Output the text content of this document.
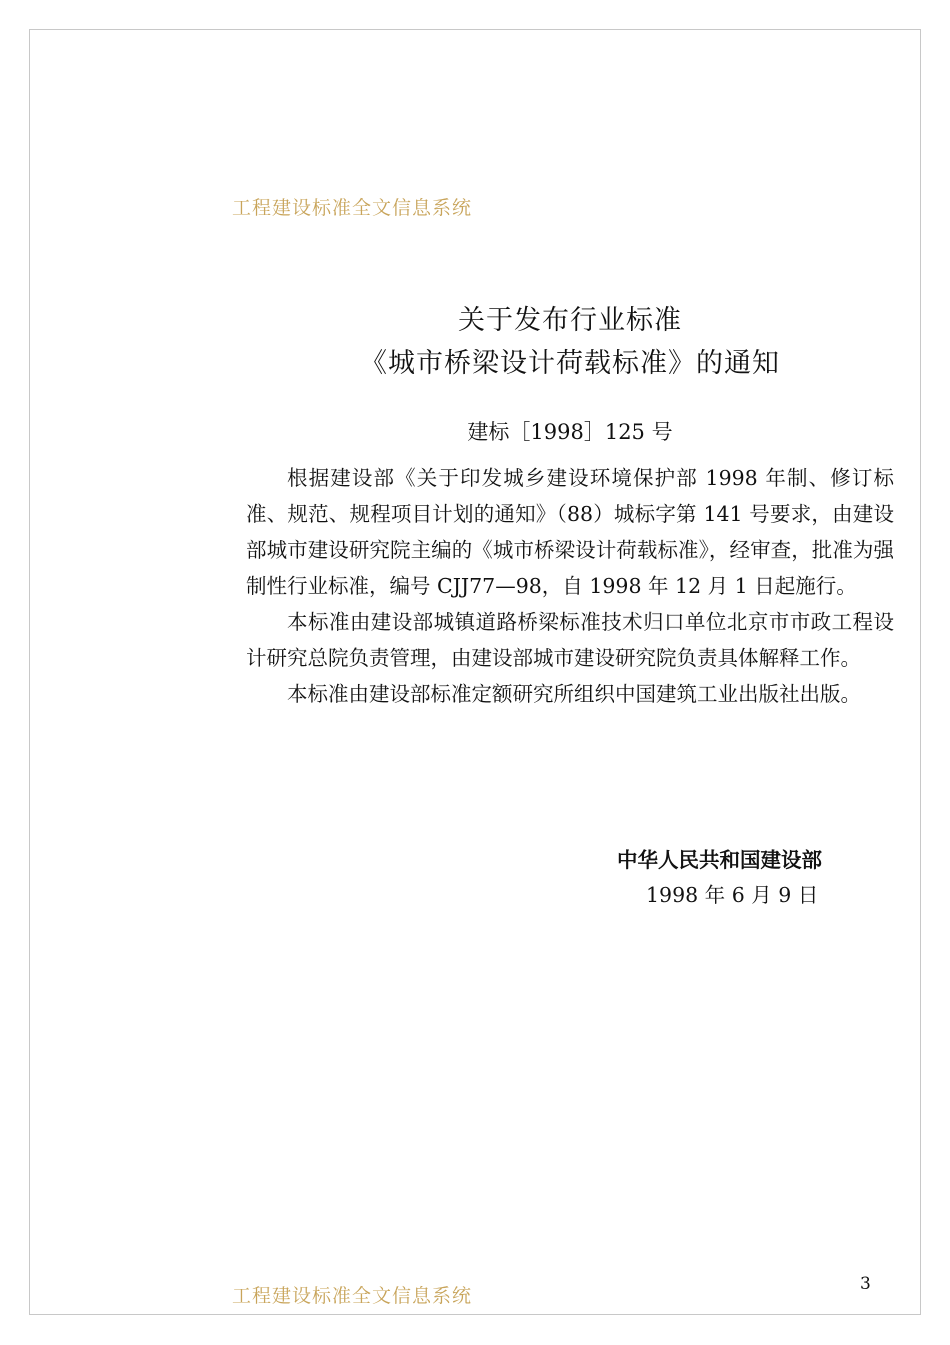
工程建设标准全文信息系统
关于发布行业标准
《城市桥梁设计荷载标准》的通知
建标［1998］125 号

根据建设部《关于印发城乡建设环境保护部 1998 年制、修订标准、规范、规程项目计划的通知》（88）城标字第 141 号要求，由建设部城市建设研究院主编的《城市桥梁设计荷载标准》，经审查，批准为强制性行业标准，编号 CJJ77—98，自 1998 年 12 月 1 日起施行。

本标准由建设部城镇道路桥梁标准技术归口单位北京市市政工程设计研究总院负责管理，由建设部城市建设研究院负责具体解释工作。

本标准由建设部标准定额研究所组织中国建筑工业出版社出版。

中华人民共和国建设部
1998 年 6 月 9 日
3
工程建设标准全文信息系统
